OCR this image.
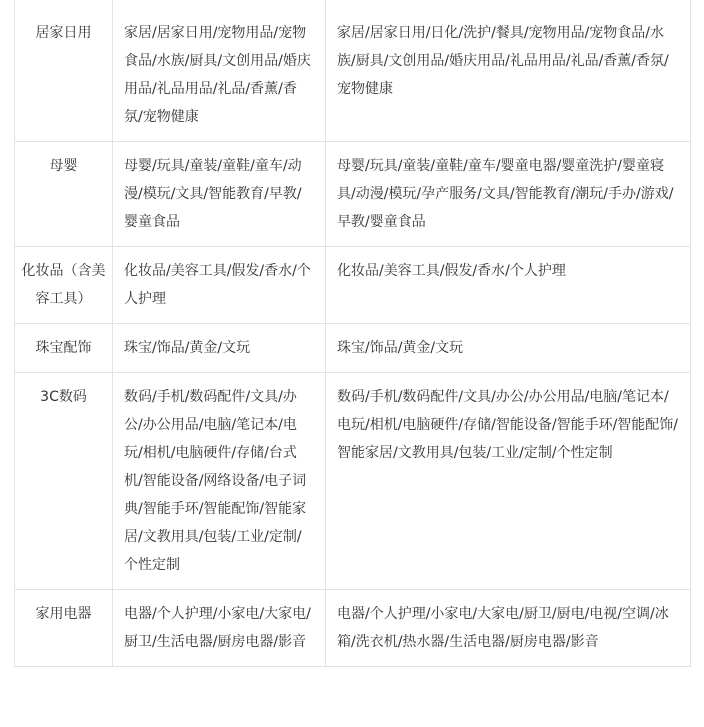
居家日用	家居/居家日用/宠物用品/宠物食品/水族/厨具/文创用品/婚庆用品/礼品用品/礼品/香薰/香氛/宠物健康	家居/居家日用/日化/洗护/餐具/宠物用品/宠物食品/水族/厨具/文创用品/婚庆用品/礼品用品/礼品/香薰/香氛/宠物健康
母婴	母婴/玩具/童装/童鞋/童车/动漫/模玩/文具/智能教育/早教/婴童食品	母婴/玩具/童装/童鞋/童车/婴童电器/婴童洗护/婴童寝具/动漫/模玩/孕产服务/文具/智能教育/潮玩/手办/游戏/早教/婴童食品
化妆品（含美容工具）	化妆品/美容工具/假发/香水/个人护理	化妆品/美容工具/假发/香水/个人护理
珠宝配饰	珠宝/饰品/黄金/文玩	珠宝/饰品/黄金/文玩
3C数码	数码/手机/数码配件/文具/办公/办公用品/电脑/笔记本/电玩/相机/电脑硬件/存储/台式机/智能设备/网络设备/电子词典/智能手环/智能配饰/智能家居/文教用具/包装/工业/定制/个性定制	数码/手机/数码配件/文具/办公/办公用品/电脑/笔记本/电玩/相机/电脑硬件/存储/智能设备/智能手环/智能配饰/智能家居/文教用具/包装/工业/定制/个性定制
家用电器	电器/个人护理/小家电/大家电/厨卫/生活电器/厨房电器/影音	电器/个人护理/小家电/大家电/厨卫/厨电/电视/空调/冰箱/洗衣机/热水器/生活电器/厨房电器/影音
